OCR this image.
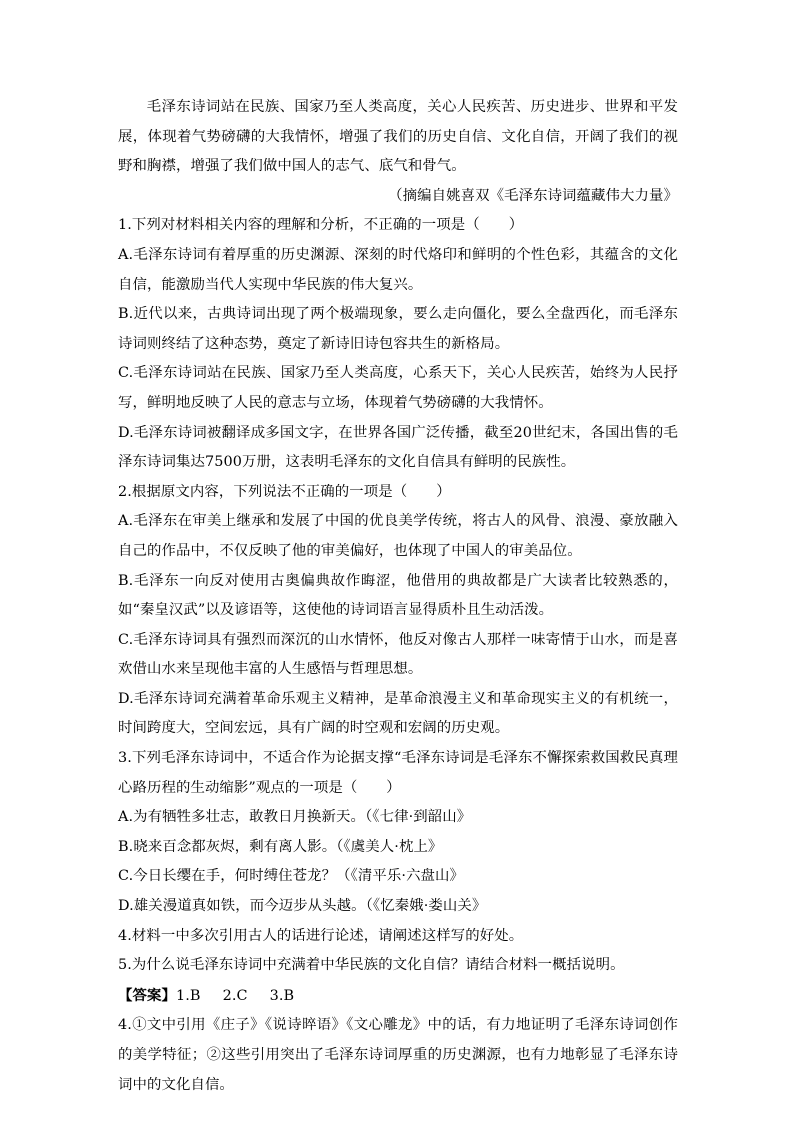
毛泽东诗词站在民族、国家乃至人类高度，关心人民疾苦、历史进步、世界和平发展，体现着气势磅礴的大我情怀，增强了我们的历史自信、文化自信，开阔了我们的视野和胸襟，增强了我们做中国人的志气、底气和骨气。

（摘编自姚喜双《毛泽东诗词蕴藏伟大力量》

1.下列对材料相关内容的理解和分析，不正确的一项是（　　）

A.毛泽东诗词有着厚重的历史渊源、深刻的时代烙印和鲜明的个性色彩，其蕴含的文化自信，能激励当代人实现中华民族的伟大复兴。

B.近代以来，古典诗词出现了两个极端现象，要么走向僵化，要么全盘西化，而毛泽东诗词则终结了这种态势，奠定了新诗旧诗包容共生的新格局。

C.毛泽东诗词站在民族、国家乃至人类高度，心系天下，关心人民疾苦，始终为人民抒写，鲜明地反映了人民的意志与立场，体现着气势磅礴的大我情怀。

D.毛泽东诗词被翻译成多国文字，在世界各国广泛传播，截至20世纪末，各国出售的毛泽东诗词集达7500万册，这表明毛泽东的文化自信具有鲜明的民族性。

2.根据原文内容，下列说法不正确的一项是（　　）

A.毛泽东在审美上继承和发展了中国的优良美学传统，将古人的风骨、浪漫、豪放融入自己的作品中，不仅反映了他的审美偏好，也体现了中国人的审美品位。

B.毛泽东一向反对使用古奥偏典故作晦涩，他借用的典故都是广大读者比较熟悉的，如“秦皇汉武”以及谚语等，这使他的诗词语言显得质朴且生动活泼。

C.毛泽东诗词具有强烈而深沉的山水情怀，他反对像古人那样一味寄情于山水，而是喜欢借山水来呈现他丰富的人生感悟与哲理思想。

D.毛泽东诗词充满着革命乐观主义精神，是革命浪漫主义和革命现实主义的有机统一，时间跨度大，空间宏远，具有广阔的时空观和宏阔的历史观。

3.下列毛泽东诗词中，不适合作为论据支撑“毛泽东诗词是毛泽东不懈探索救国救民真理心路历程的生动缩影”观点的一项是（　　）

A.为有牺牲多壮志，敢教日月换新天。（《七律·到韶山》

B.晓来百念都灰烬，剩有离人影。（《虞美人·枕上》

C.今日长缨在手，何时缚住苍龙？（《清平乐·六盘山》

D.雄关漫道真如铁，而今迈步从头越。（《忆秦娥·娄山关》

4.材料一中多次引用古人的话进行论述，请阐述这样写的好处。

5.为什么说毛泽东诗词中充满着中华民族的文化自信？请结合材料一概括说明。

【答案】1.B 2.C 3.B

4.①文中引用《庄子》《说诗晬语》《文心雕龙》中的话，有力地证明了毛泽东诗词创作的美学特征；②这些引用突出了毛泽东诗词厚重的历史渊源，也有力地彰显了毛泽东诗词中的文化自信。
